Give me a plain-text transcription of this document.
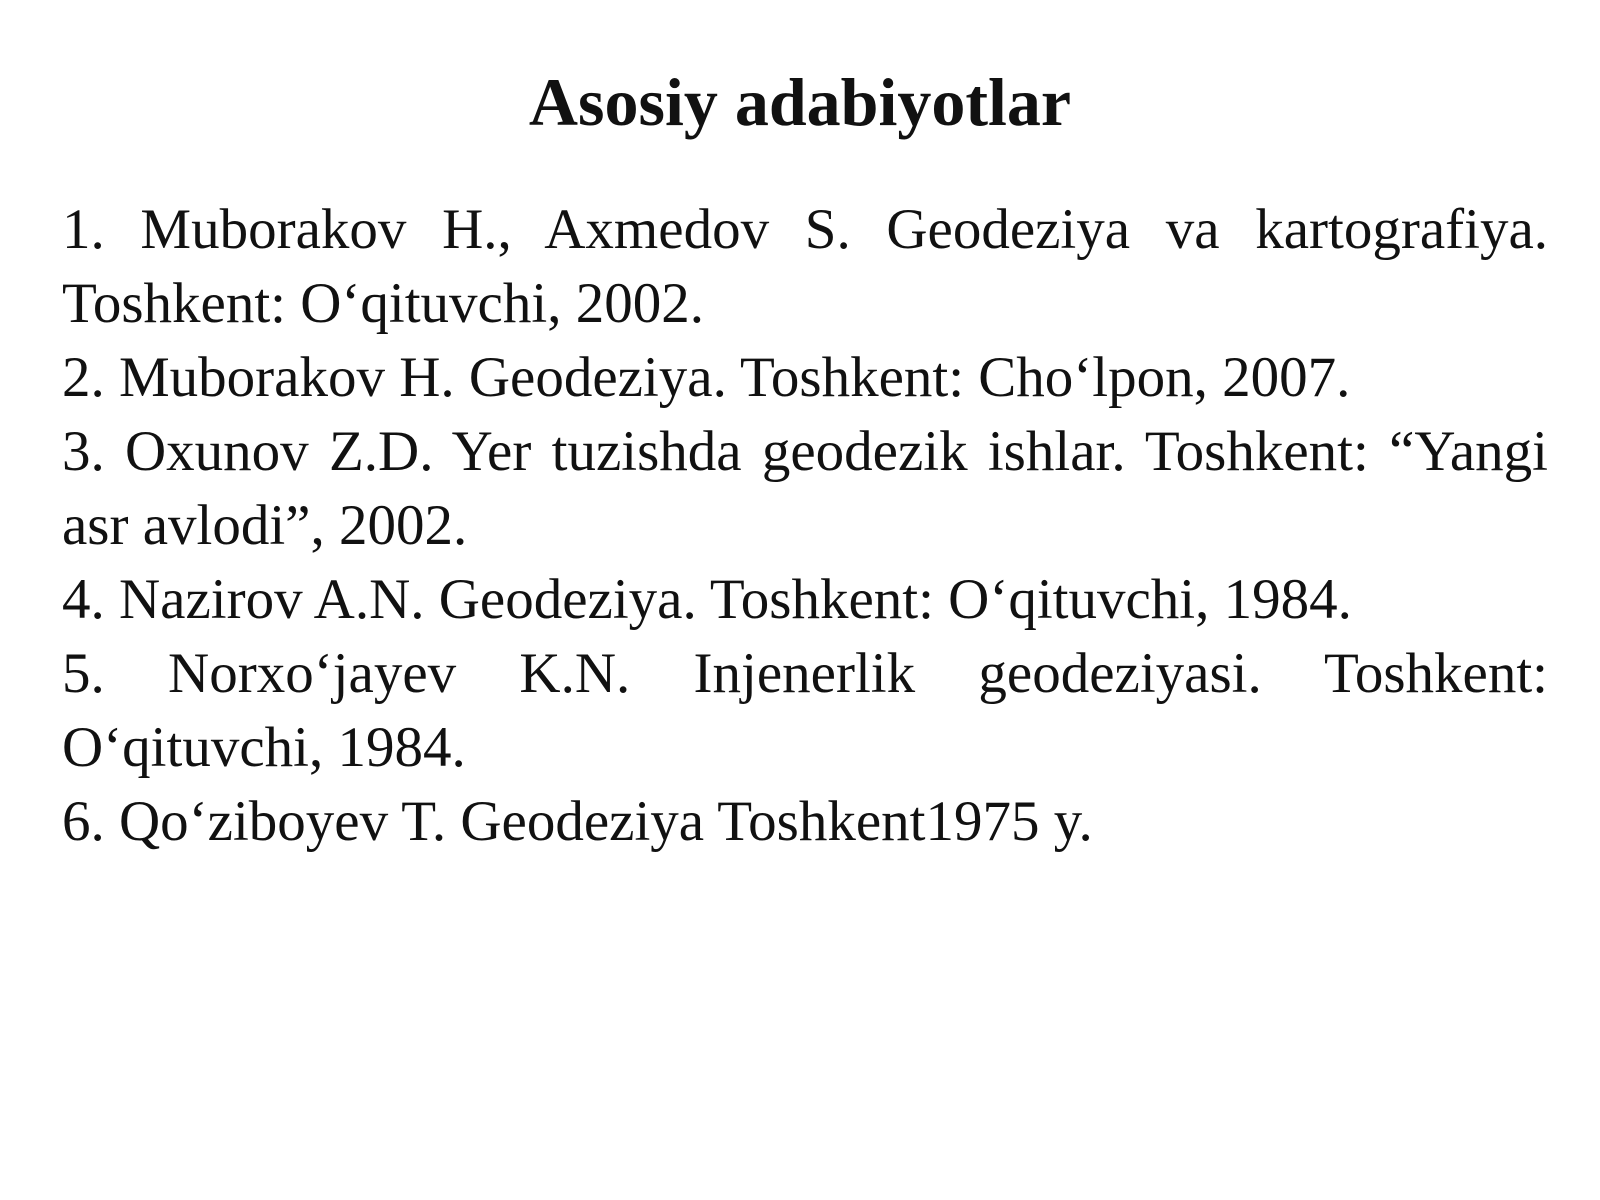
Asosiy adabiyotlar
1. Muborakov H., Axmedov S. Geodeziya va kartografiya. Toshkent: O‘qituvchi, 2002.
2. Muborakov H. Geodeziya. Toshkent: Cho‘lpon, 2007.
3. Oxunov Z.D. Yer tuzishda geodezik ishlar. Toshkent: “Yangi asr avlodi”, 2002.
4. Nazirov A.N. Geodeziya. Toshkent: O‘qituvchi, 1984.
5. Norxo‘jayev K.N. Injenerlik geodeziyasi. Toshkent: O‘qituvchi, 1984.
6. Qo‘ziboyev T. Geodeziya Toshkent1975 y.
